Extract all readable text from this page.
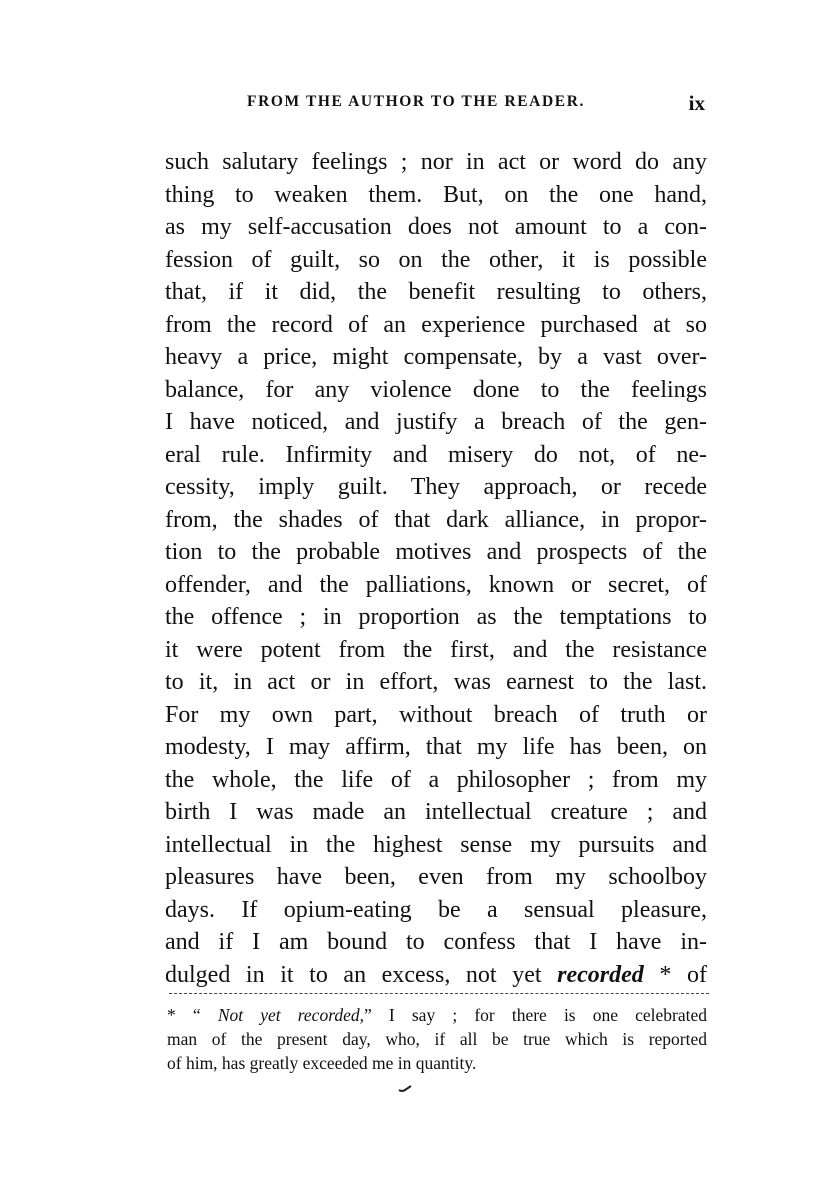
FROM THE AUTHOR TO THE READER.	ix
such salutary feelings ; nor in act or word do any
thing to weaken them. But, on the one hand,
as my self-accusation does not amount to a con-
fession of guilt, so on the other, it is possible
that, if it did, the benefit resulting to others,
from the record of an experience purchased at so
heavy a price, might compensate, by a vast over-
balance, for any violence done to the feelings
I have noticed, and justify a breach of the gen-
eral rule. Infirmity and misery do not, of ne-
cessity, imply guilt. They approach, or recede
from, the shades of that dark alliance, in propor-
tion to the probable motives and prospects of the
offender, and the palliations, known or secret, of
the offence ; in proportion as the temptations to
it were potent from the first, and the resistance
to it, in act or in effort, was earnest to the last.
For my own part, without breach of truth or
modesty, I may affirm, that my life has been, on
the whole, the life of a philosopher ; from my
birth I was made an intellectual creature ; and
intellectual in the highest sense my pursuits and
pleasures have been, even from my schoolboy
days. If opium-eating be a sensual pleasure,
and if I am bound to confess that I have in-
dulged in it to an excess, not yet recorded * of
* “ Not yet recorded,” I say ; for there is one celebrated
man of the present day, who, if all be true which is reported
of him, has greatly exceeded me in quantity.
